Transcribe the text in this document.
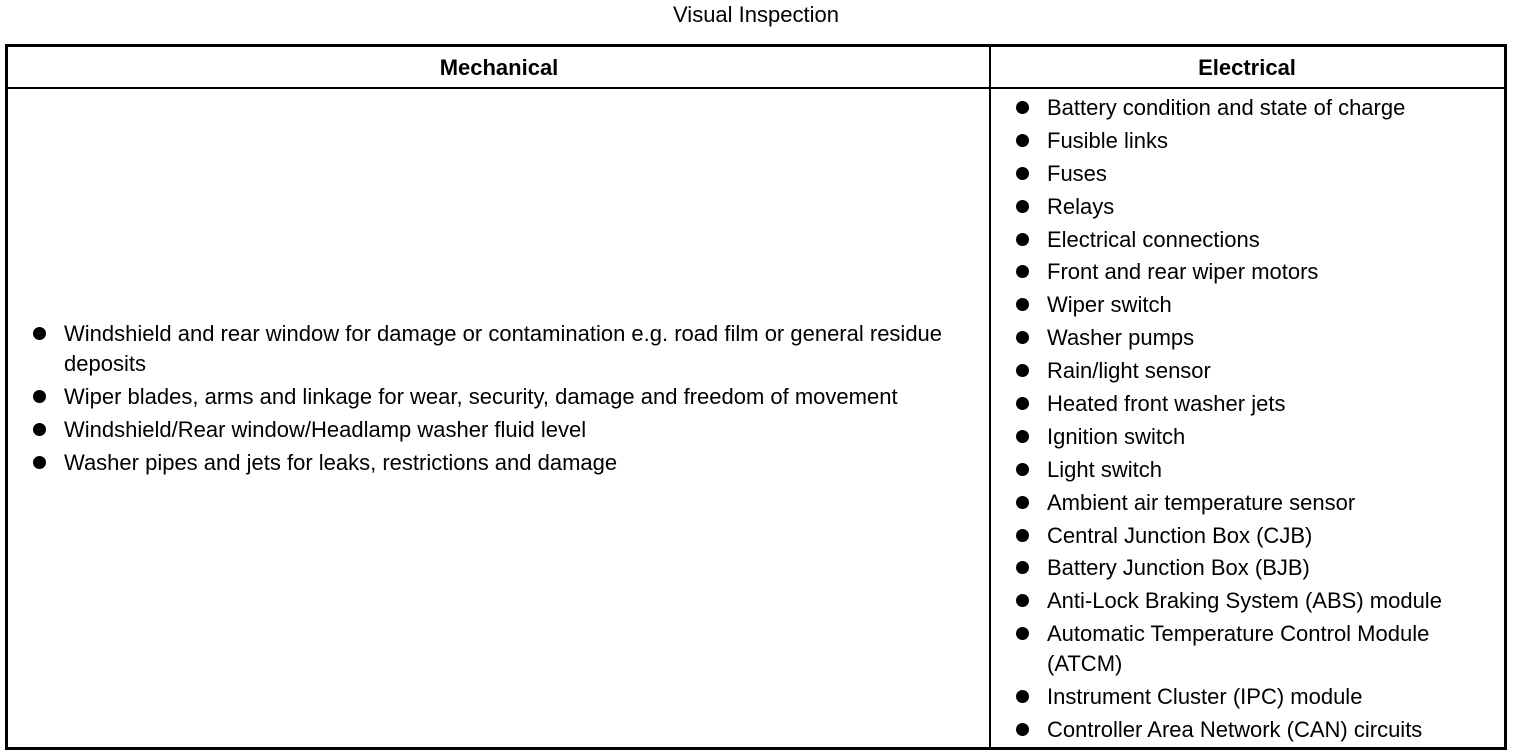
Visual Inspection
Mechanical	Electrical
Windshield and rear window for damage or contamination e.g. road film or general residue deposits
Wiper blades, arms and linkage for wear, security, damage and freedom of movement
Windshield/Rear window/Headlamp washer fluid level
Washer pipes and jets for leaks, restrictions and damage
Battery condition and state of charge
Fusible links
Fuses
Relays
Electrical connections
Front and rear wiper motors
Wiper switch
Washer pumps
Rain/light sensor
Heated front washer jets
Ignition switch
Light switch
Ambient air temperature sensor
Central Junction Box (CJB)
Battery Junction Box (BJB)
Anti-Lock Braking System (ABS) module
Automatic Temperature Control Module (ATCM)
Instrument Cluster (IPC) module
Controller Area Network (CAN) circuits
